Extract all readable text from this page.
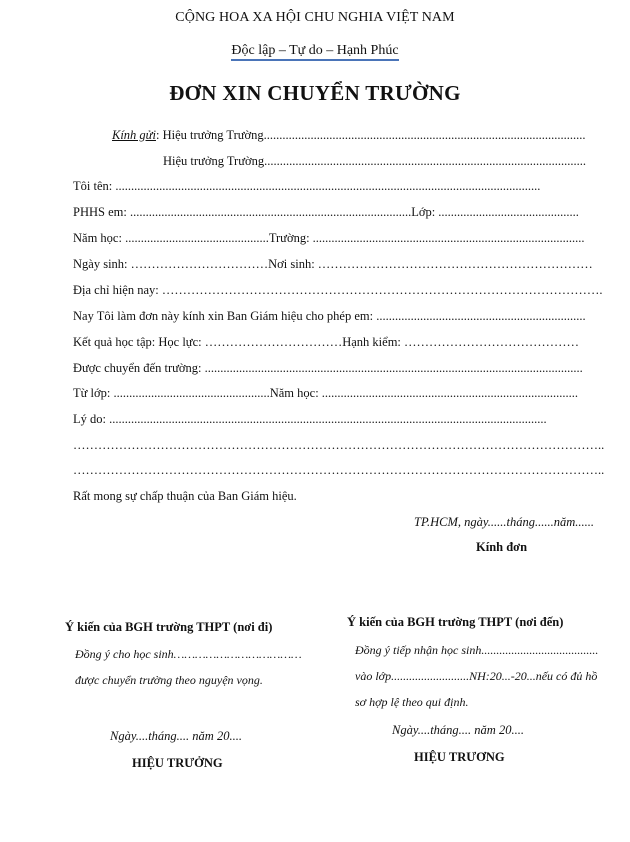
CỘNG HOA XA HỘI CHU NGHIA VIỆT NAM
Độc lập – Tự do – Hạnh Phúc
ĐƠN XIN CHUYỂN TRƯỜNG
Kính gửi: Hiệu trưởng Trường.......................................................................................................
Hiệu trưởng Trường.......................................................................................................
Tôi tên: ........................................................................................................................................
PHHS em: ..........................................................................................Lớp: .............................................
Năm học: ..............................................Trường: .......................................................................................
Ngày sinh: ……………………………Nơi sinh: …………………………………………………………
Địa chỉ hiện nay: …………………………………………………………………………………………….
Nay Tôi làm đơn này kính xin Ban Giám hiệu cho phép em: ...................................................................
Kết quả học tập: Học lực: ……………………………Hạnh kiểm: ……………………………………
Được chuyển đến trường: .........................................................................................................................
Từ lớp: ..................................................Năm học: ..................................................................................
Lý do: ............................................................................................................................................
………………………………………………………………………………………………………………..
………………………………………………………………………………………………………………..
Rất mong sự chấp thuận của Ban Giám hiệu.
TP.HCM, ngày......tháng......năm......
Kính đơn
Ý kiến của BGH trường THPT (nơi đi)
Đồng ý cho học sinh………………………………
được chuyển trường theo nguyện vọng.
Ngày....tháng.... năm 20....
HIỆU TRƯỞNG
Ý kiến của BGH trường THPT (nơi đến)
Đồng ý tiếp nhận học sinh.......................................
vào lớp..........................NH:20...-20...nếu có đủ hồ
sơ hợp lệ theo qui định.
Ngày....tháng.... năm 20....
HIỆU TRƯƠNG
